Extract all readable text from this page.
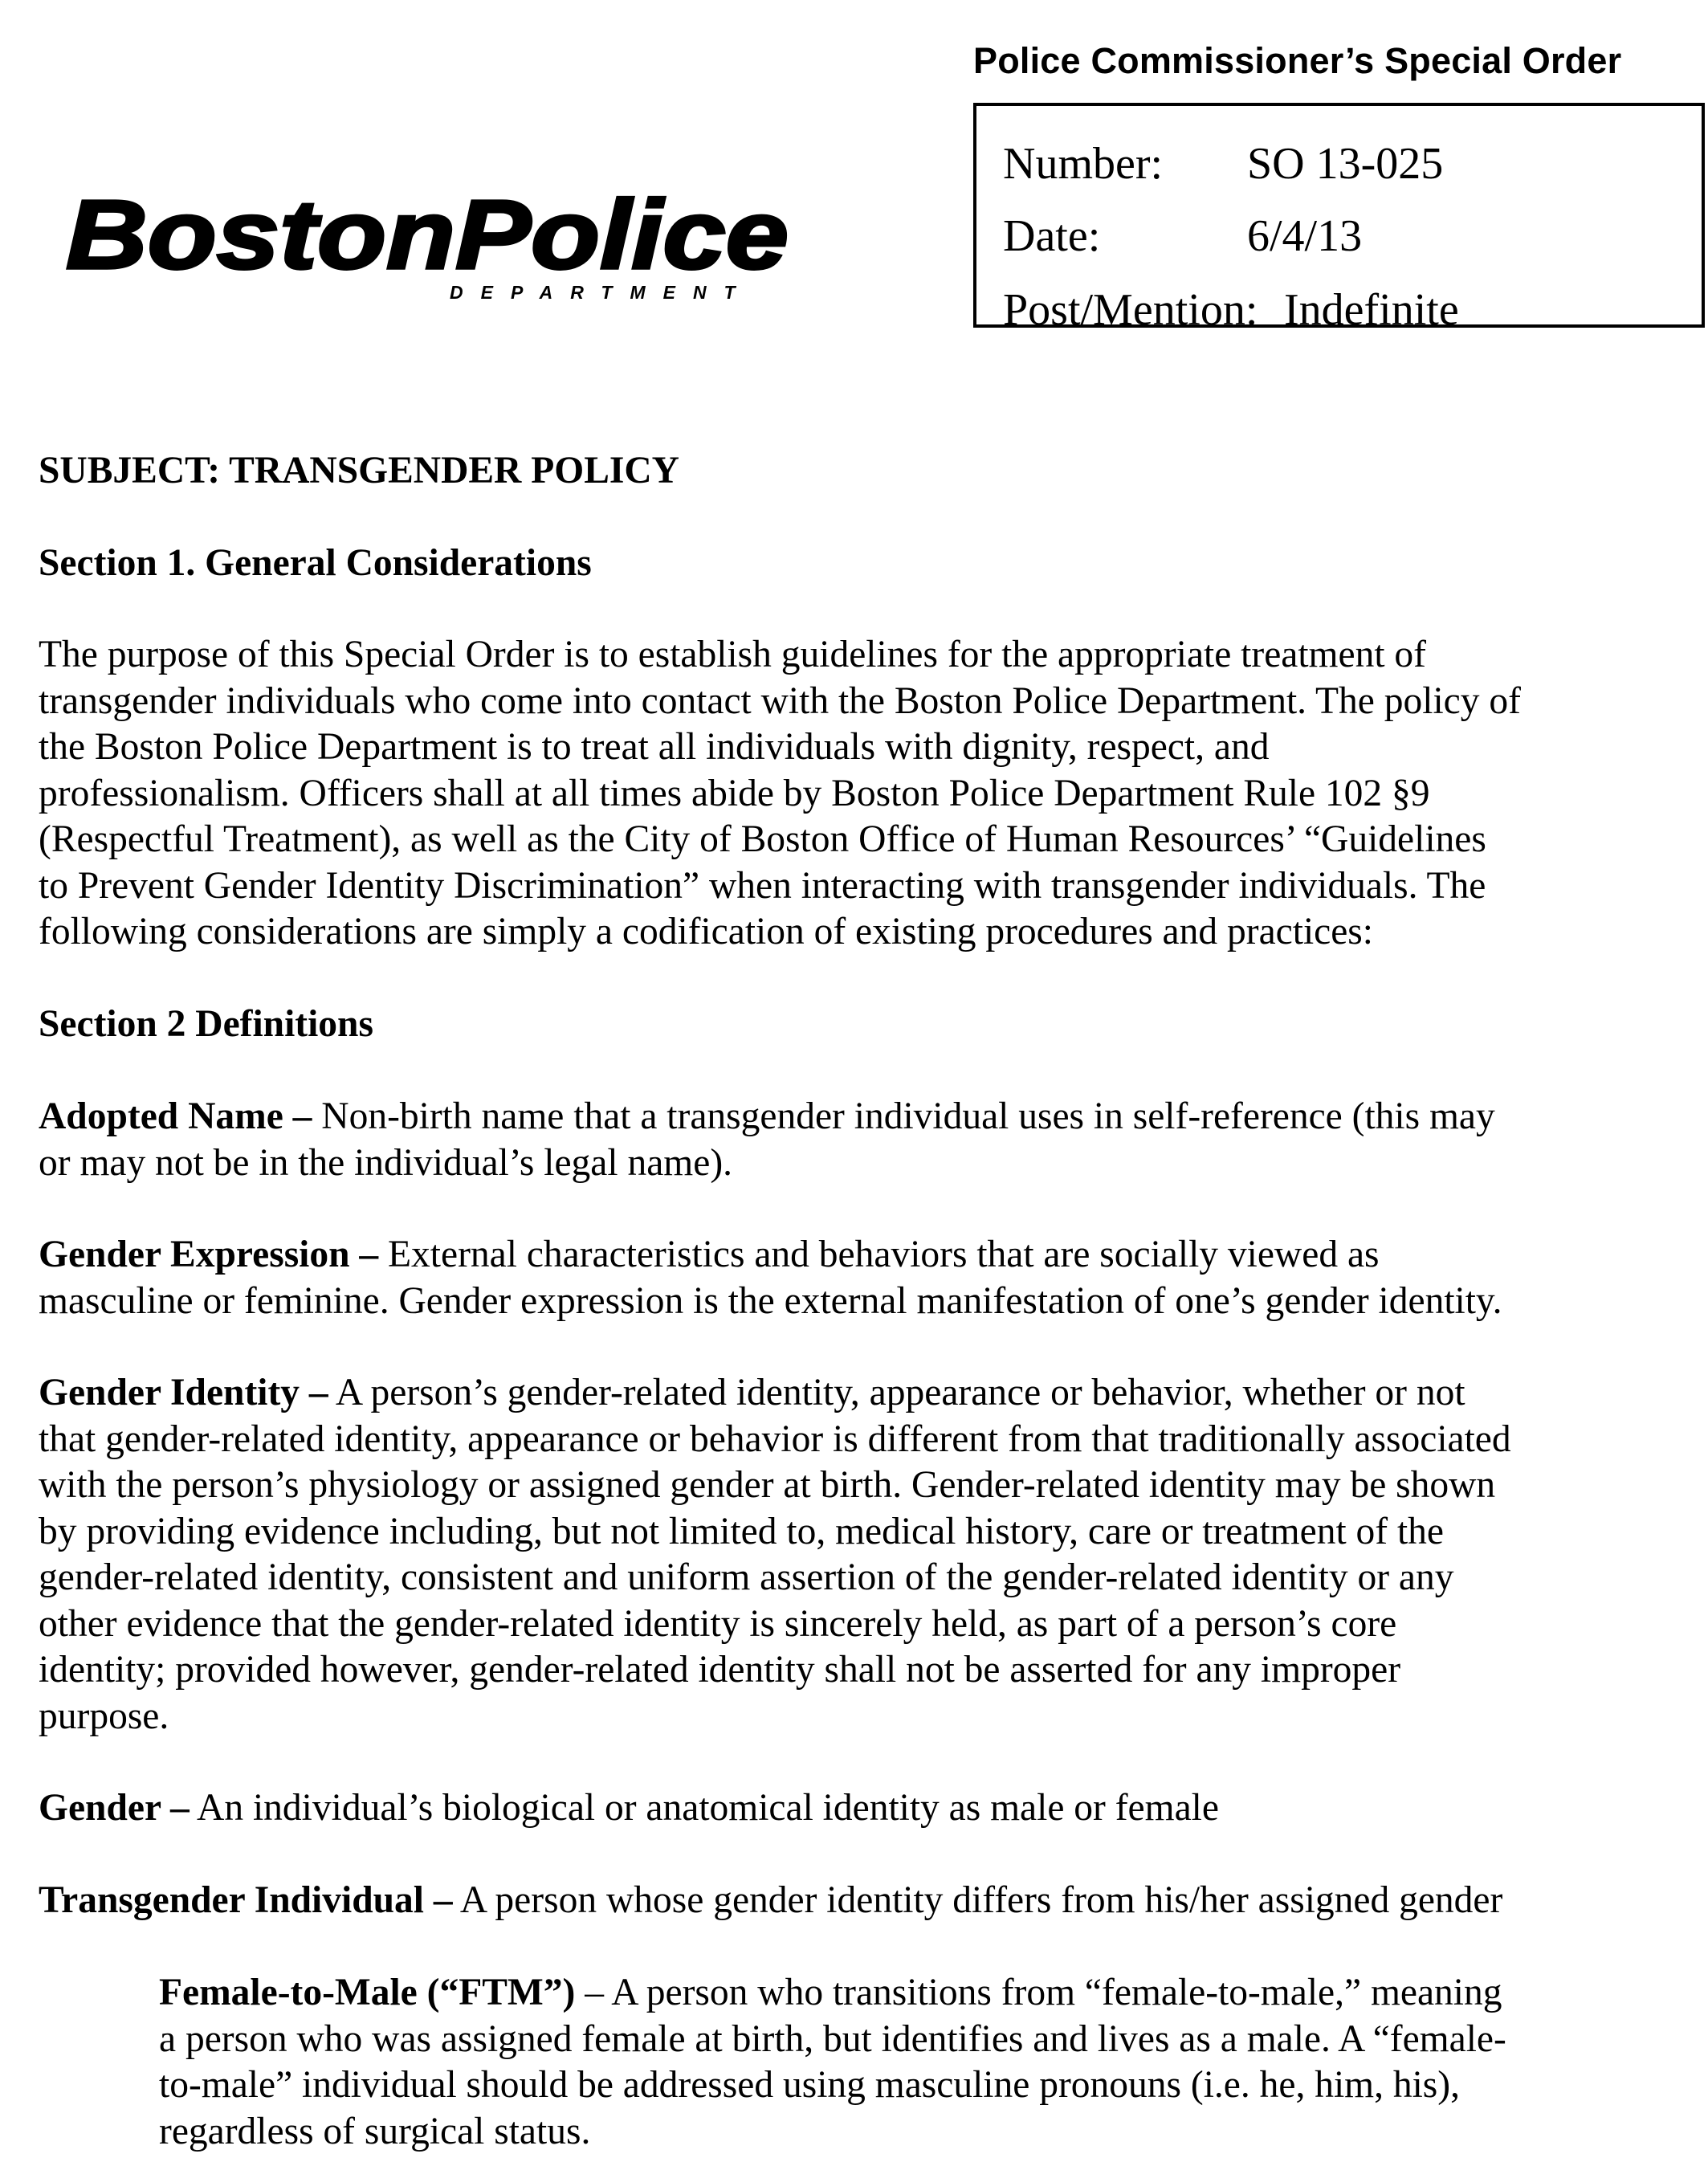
Police Commissioner’s Special Order
Number: SO 13-025
Date:	6/4/13
Post/Mention: Indefinite
BostonPolice
DEPARTMENT
SUBJECT: TRANSGENDER POLICY
Section 1. General Considerations
The purpose of this Special Order is to establish guidelines for the appropriate treatment of
transgender individuals who come into contact with the Boston Police Department. The policy of
the Boston Police Department is to treat all individuals with dignity, respect, and
professionalism. Officers shall at all times abide by Boston Police Department Rule 102 §9
(Respectful Treatment), as well as the City of Boston Office of Human Resources’ “Guidelines
to Prevent Gender Identity Discrimination” when interacting with transgender individuals. The
following considerations are simply a codification of existing procedures and practices:
Section 2 Definitions
Adopted Name – Non-birth name that a transgender individual uses in self-reference (this may
or may not be in the individual’s legal name).
Gender Expression – External characteristics and behaviors that are socially viewed as
masculine or feminine. Gender expression is the external manifestation of one’s gender identity.
Gender Identity – A person’s gender-related identity, appearance or behavior, whether or not
that gender-related identity, appearance or behavior is different from that traditionally associated
with the person’s physiology or assigned gender at birth. Gender-related identity may be shown
by providing evidence including, but not limited to, medical history, care or treatment of the
gender-related identity, consistent and uniform assertion of the gender-related identity or any
other evidence that the gender-related identity is sincerely held, as part of a person’s core
identity; provided however, gender-related identity shall not be asserted for any improper
purpose.
Gender – An individual’s biological or anatomical identity as male or female
Transgender Individual – A person whose gender identity differs from his/her assigned gender
Female-to-Male (“FTM”) – A person who transitions from “female-to-male,” meaning
a person who was assigned female at birth, but identifies and lives as a male. A “female-
to-male” individual should be addressed using masculine pronouns (i.e. he, him, his),
regardless of surgical status.
